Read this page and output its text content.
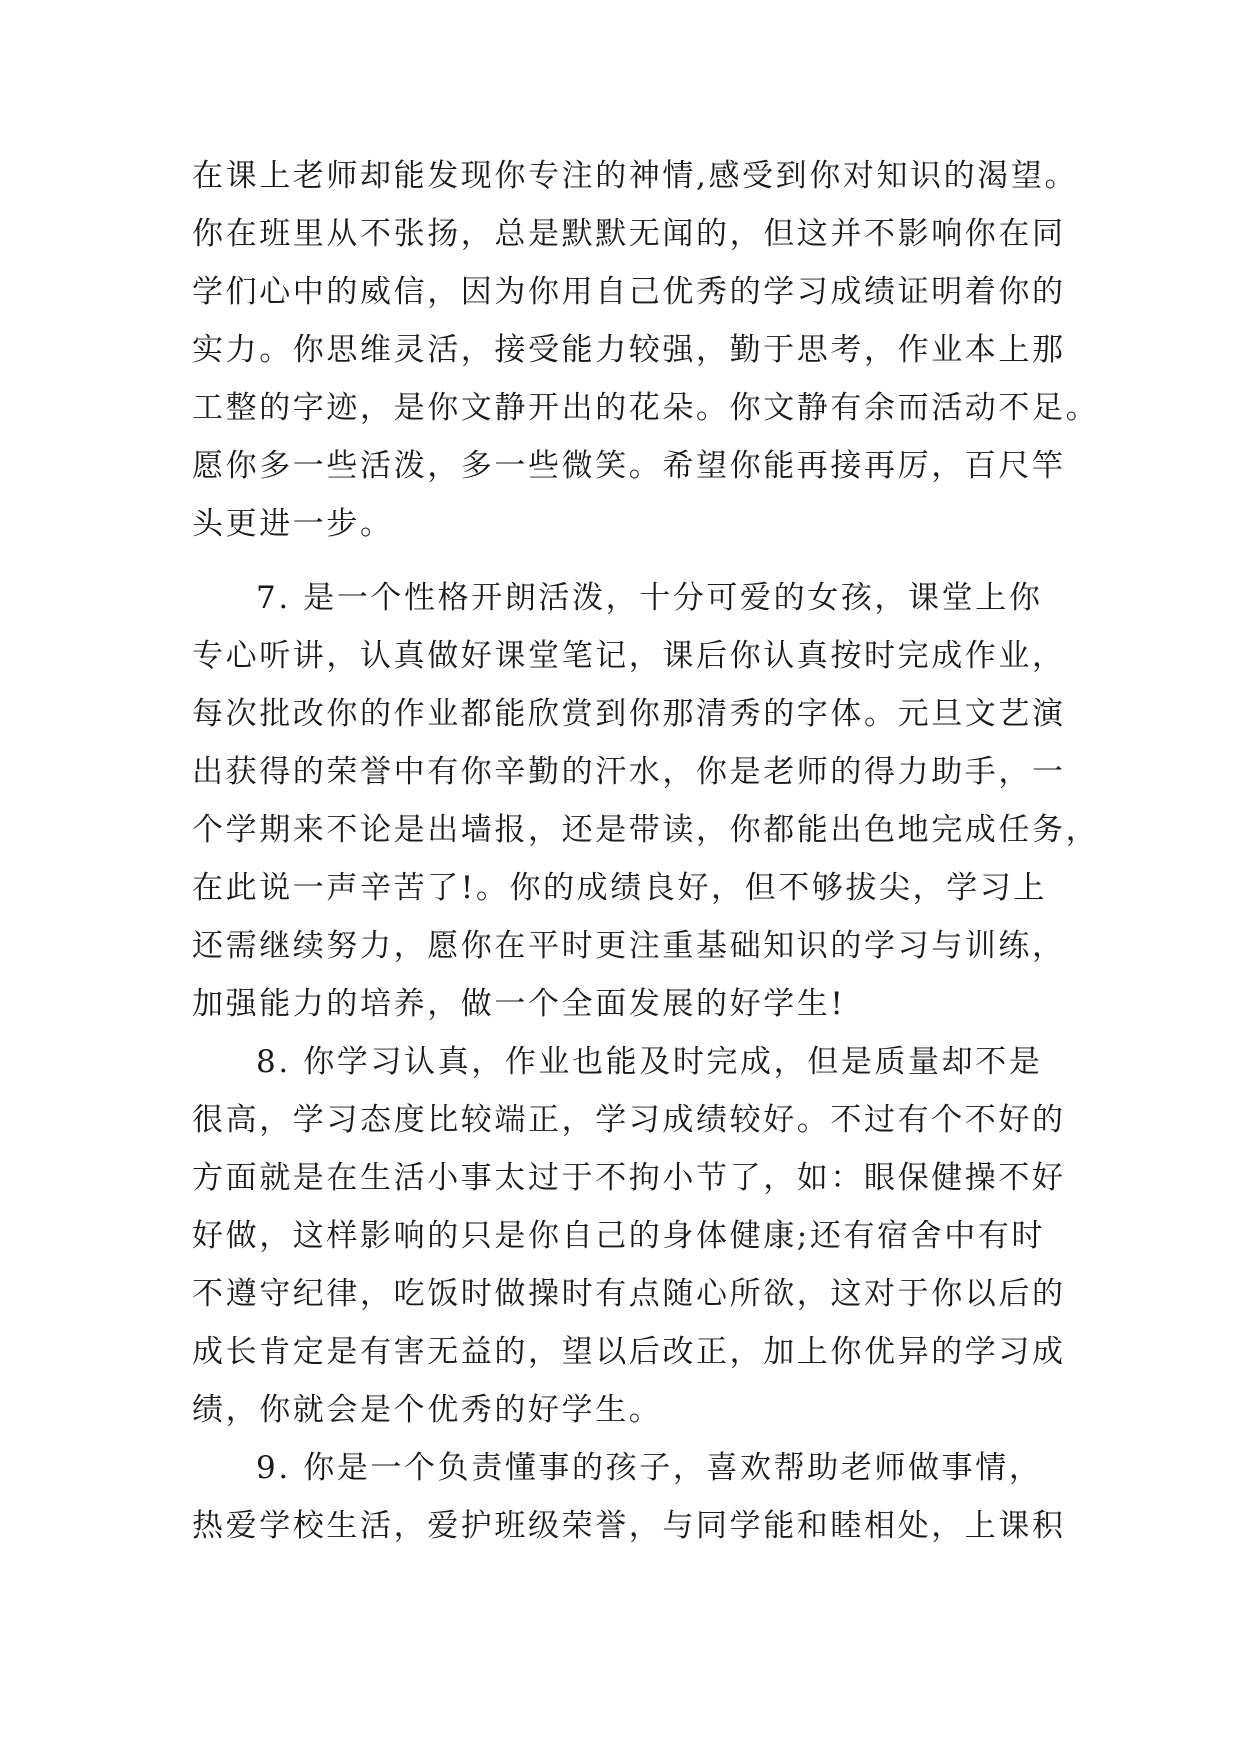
在课上老师却能发现你专注的神情,感受到你对知识的渴望。
你在班里从不张扬，总是默默无闻的，但这并不影响你在同
学们心中的威信，因为你用自己优秀的学习成绩证明着你的
实力。你思维灵活，接受能力较强，勤于思考，作业本上那
工整的字迹，是你文静开出的花朵。你文静有余而活动不足。
愿你多一些活泼，多一些微笑。希望你能再接再厉，百尺竿
头更进一步。
7. 是一个性格开朗活泼，十分可爱的女孩，课堂上你
专心听讲，认真做好课堂笔记，课后你认真按时完成作业，
每次批改你的作业都能欣赏到你那清秀的字体。元旦文艺演
出获得的荣誉中有你辛勤的汗水，你是老师的得力助手，一
个学期来不论是出墙报，还是带读，你都能出色地完成任务，
在此说一声辛苦了!。你的成绩良好，但不够拔尖，学习上
还需继续努力，愿你在平时更注重基础知识的学习与训练，
加强能力的培养，做一个全面发展的好学生!
8. 你学习认真，作业也能及时完成，但是质量却不是
很高，学习态度比较端正，学习成绩较好。不过有个不好的
方面就是在生活小事太过于不拘小节了，如：眼保健操不好
好做，这样影响的只是你自己的身体健康;还有宿舍中有时
不遵守纪律，吃饭时做操时有点随心所欲，这对于你以后的
成长肯定是有害无益的，望以后改正，加上你优异的学习成
绩，你就会是个优秀的好学生。
9. 你是一个负责懂事的孩子，喜欢帮助老师做事情，
热爱学校生活，爱护班级荣誉，与同学能和睦相处，上课积
